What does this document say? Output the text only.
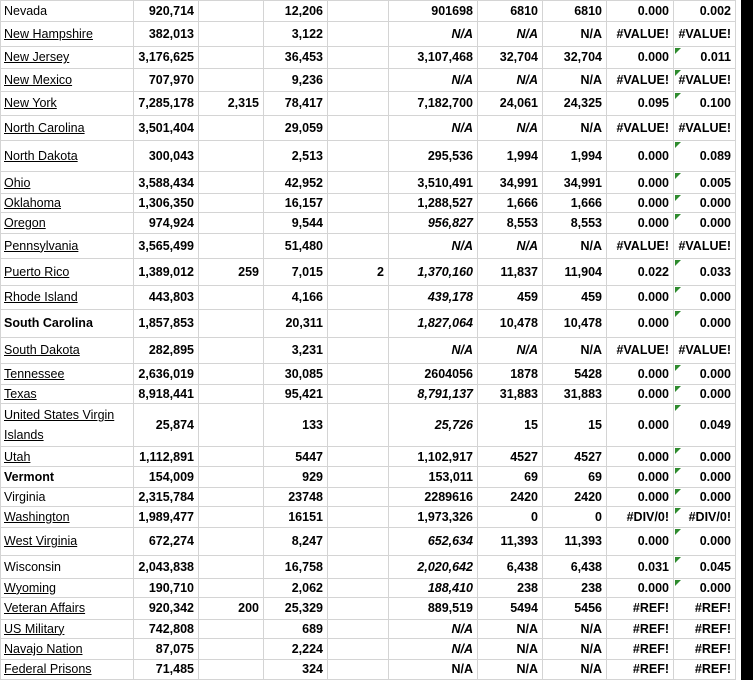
Nevada	920,714		12,206		901698	6810	6810	0.000	0.002
New Hampshire	382,013		3,122		N/A	N/A	N/A	#VALUE!	#VALUE!
New Jersey	3,176,625		36,453		3,107,468	32,704	32,704	0.000	0.011

New Mexico	707,970		9,236		N/A	N/A	N/A	#VALUE!	#VALUE!

New York	7,285,178	2,315	78,417		7,182,700	24,061	24,325	0.095	0.100

North Carolina	3,501,404		29,059		N/A	N/A	N/A	#VALUE!	#VALUE!
North Dakota	300,043		2,513		295,536	1,994	1,994	0.000	0.089

Ohio	3,588,434		42,952		3,510,491	34,991	34,991	0.000	0.005

Oklahoma	1,306,350		16,157		1,288,527	1,666	1,666	0.000	0.000

Oregon	974,924		9,544		956,827	8,553	8,553	0.000	0.000

Pennsylvania	3,565,499		51,480		N/A	N/A	N/A	#VALUE!	#VALUE!
Puerto Rico	1,389,012	259	7,015	2	1,370,160	11,837	11,904	0.022	0.033

Rhode Island	443,803		4,166		439,178	459	459	0.000	0.000

South Carolina	1,857,853		20,311		1,827,064	10,478	10,478	0.000	0.000

South Dakota	282,895		3,231		N/A	N/A	N/A	#VALUE!	#VALUE!
Tennessee	2,636,019		30,085		2604056	1878	5428	0.000	0.000

Texas	8,918,441		95,421		8,791,137	31,883	31,883	0.000	0.000

United States Virgin Islands	25,874		133		25,726	15	15	0.000	0.049

Utah	1,112,891		5447		1,102,917	4527	4527	0.000	0.000

Vermont	154,009		929		153,011	69	69	0.000	0.000

Virginia	2,315,784		23748		2289616	2420	2420	0.000	0.000

Washington	1,989,477		16151		1,973,326	0	0	#DIV/0!	#DIV/0!

West Virginia	672,274		8,247		652,634	11,393	11,393	0.000	0.000

Wisconsin	2,043,838		16,758		2,020,642	6,438	6,438	0.031	0.045

Wyoming	190,710		2,062		188,410	238	238	0.000	0.000

Veteran Affairs	920,342	200	25,329		889,519	5494	5456	#REF!	#REF!
US Military	742,808		689		N/A	N/A	N/A	#REF!	#REF!
Navajo Nation	87,075		2,224		N/A	N/A	N/A	#REF!	#REF!
Federal Prisons	71,485		324		N/A	N/A	N/A	#REF!	#REF!
